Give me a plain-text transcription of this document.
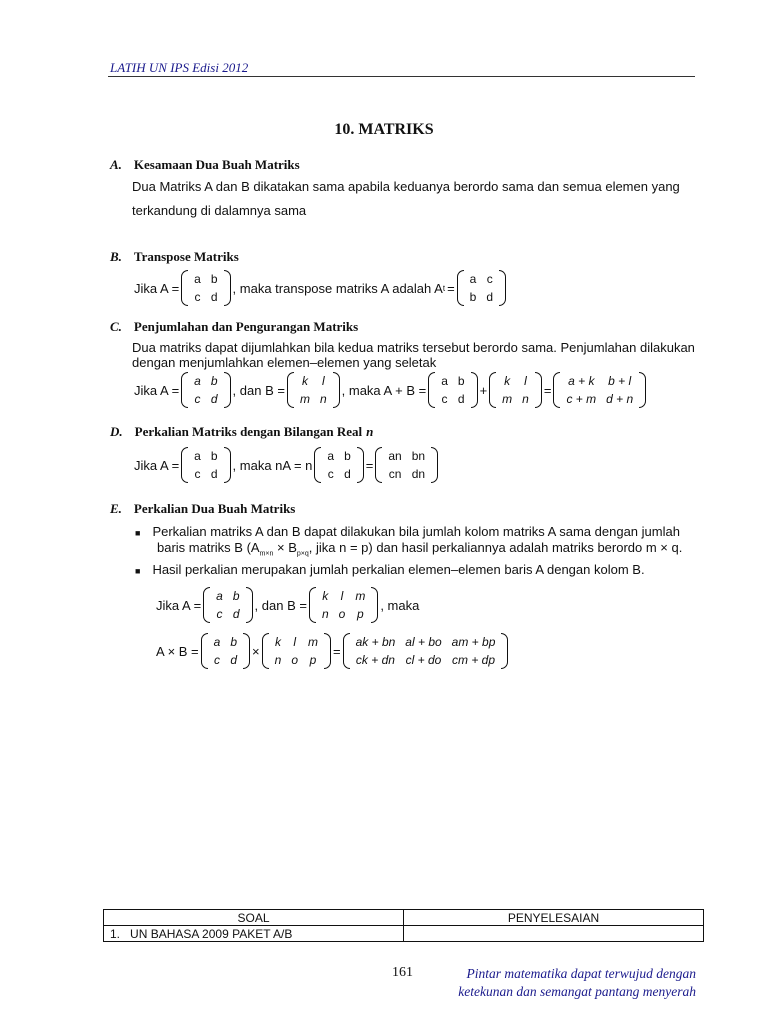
LATIH UN IPS Edisi 2012
10. MATRIKS
A. Kesamaan Dua Buah Matriks
Dua Matriks A dan B dikatakan sama apabila keduanya berordo sama dan semua elemen yang
terkandung di dalamnya sama
B. Transpose Matriks
Jika A =
a	b
c	d
, maka transpose matriks A adalah A t =
a	c
b	d
C. Penjumlahan dan Pengurangan Matriks
Dua matriks dapat dijumlahkan bila kedua matriks tersebut berordo sama. Penjumlahan dilakukan
dengan menjumlahkan elemen–elemen yang seletak
Jika A =
a	b
c	d
, dan B =
k	l
m	n
, maka A + B =
a	b
c	d
+
k	l
m	n
=
a + k	b + l
c + m	d + n
D. Perkalian Matriks dengan Bilangan Real n
Jika A =
a	b
c	d
, maka nA = n
a	b
c	d
=
an	bn
cn	dn
E. Perkalian Dua Buah Matriks
■ Perkalian matriks A dan B dapat dilakukan bila jumlah kolom matriks A sama dengan jumlah
baris matriks B ($A_{m\times n} \times B_{p\times q}$, jika n = p) dan hasil perkaliannya adalah matriks berordo m × q.
■ Hasil perkalian merupakan jumlah perkalian elemen–elemen baris A dengan kolom B.
Jika A =
a	b
c	d
, dan B =
k	l	m
n	o	p
, maka
A × B =
a	b
c	d
×
k	l	m
n	o	p
=
ak + bn	al + bo	am + bp
ck + dn	cl + do	cm + dp
SOAL	PENYELESAIAN
1. UN BAHASA 2009 PAKET A/B	
161	Pintar matematika dapat terwujud dengan
ketekunan dan semangat pantang menyerah
